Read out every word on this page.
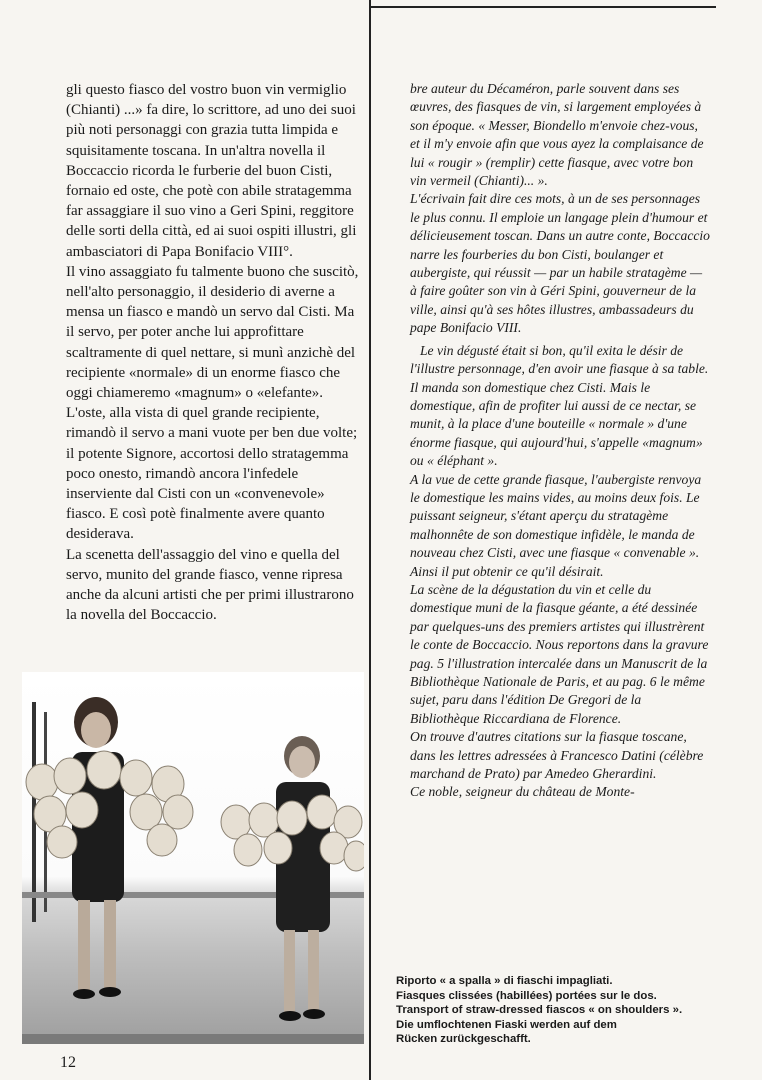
gli questo fiasco del vostro buon vin vermiglio (Chianti) ...» fa dire, lo scrittore, ad uno dei suoi più noti personaggi con grazia tutta limpida e squisitamente toscana. In un'altra novella il Boccaccio ricorda le furberie del buon Cisti, fornaio ed oste, che potè con abile stratagemma far assaggiare il suo vino a Geri Spini, reggitore delle sorti della città, ed ai suoi ospiti illustri, gli ambasciatori di Papa Bonifacio VIII°.

Il vino assaggiato fu talmente buono che suscitò, nell'alto personaggio, il desiderio di averne a mensa un fiasco e mandò un servo dal Cisti. Ma il servo, per poter anche lui approfittare scaltramente di quel nettare, si munì anzichè del recipiente «normale» di un enorme fiasco che oggi chiameremo «magnum» o «elefante».

L'oste, alla vista di quel grande recipiente, rimandò il servo a mani vuote per ben due volte; il potente Signore, accortosi dello stratagemma poco onesto, rimandò ancora l'infedele inserviente dal Cisti con un «convenevole» fiasco. E così potè finalmente avere quanto desiderava.

La scenetta dell'assaggio del vino e quella del servo, munito del grande fiasco, venne ripresa anche da alcuni artisti che per primi illustrarono la novella del Boccaccio.

bre auteur du Décaméron, parle souvent dans ses œuvres, des fiasques de vin, si largement employées à son époque. « Messer, Biondello m'envoie chez-vous, et il m'y envoie afin que vous ayez la complaisance de lui « rougir » (remplir) cette fiasque, avec votre bon vin vermeil (Chianti)... ».

L'écrivain fait dire ces mots, à un de ses personnages le plus connu. Il emploie un langage plein d'humour et délicieusement toscan. Dans un autre conte, Boccaccio narre les fourberies du bon Cisti, boulanger et aubergiste, qui réussit — par un habile stratagème — à faire goûter son vin à Géri Spini, gouverneur de la ville, ainsi qu'à ses hôtes illustres, ambassadeurs du pape Bonifacio VIII.

Le vin dégusté était si bon, qu'il exita le désir de l'illustre personnage, d'en avoir une fiasque à sa table.

Il manda son domestique chez Cisti. Mais le domestique, afin de profiter lui aussi de ce nectar, se munit, à la place d'une bouteille « normale » d'une énorme fiasque, qui aujourd'hui, s'appelle «magnum» ou « éléphant ».

A la vue de cette grande fiasque, l'aubergiste renvoya le domestique les mains vides, au moins deux fois. Le puissant seigneur, s'étant aperçu du stratagème malhonnête de son domestique infidèle, le manda de nouveau chez Cisti, avec une fiasque « convenable ». Ainsi il put obtenir ce qu'il désirait.

La scène de la dégustation du vin et celle du domestique muni de la fiasque géante, a été dessinée par quelques-uns des premiers artistes qui illustrèrent le conte de Boccaccio. Nous reportons dans la gravure pag. 5 l'illustration intercalée dans un Manuscrit de la Bibliothèque Nationale de Paris, et au pag. 6 le même sujet, paru dans l'édition De Gregori de la Bibliothèque Riccardiana de Florence.

On trouve d'autres citations sur la fiasque toscane, dans les lettres adressées à Francesco Datini (célèbre marchand de Prato) par Amedeo Gherardini.

Ce noble, seigneur du château de Monte-

Riporto « a spalla » di fiaschi impagliati.
Fiasques clissées (habillées) portées sur le dos.
Transport of straw-dressed fiascos « on shoulders ».
Die umflochtenen Fiaski werden auf dem
Rücken zurückgeschafft.
12
